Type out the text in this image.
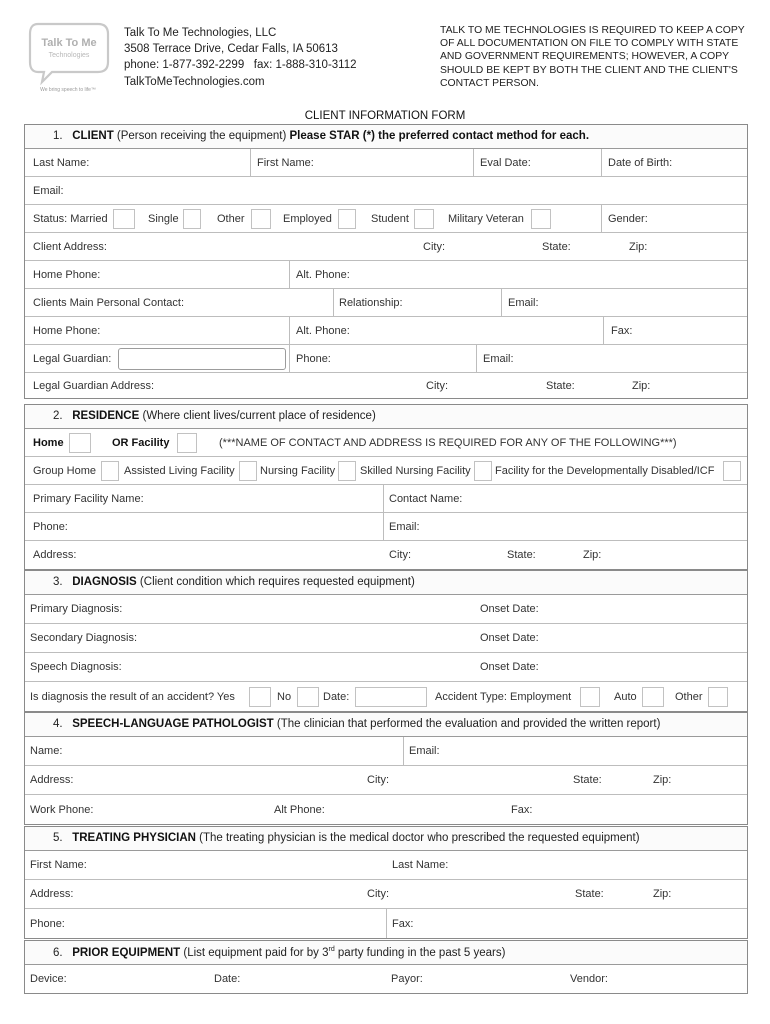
Talk To Me
Technologies
We bring speech to life™
Talk To Me Technologies, LLC
3508 Terrace Drive, Cedar Falls, IA 50613
phone: 1-877-392-2299   fax: 1-888-310-3112
TalkToMeTechnologies.com
TALK TO ME TECHNOLOGIES IS REQUIRED TO KEEP A COPY OF ALL DOCUMENTATION ON FILE TO COMPLY WITH STATE AND GOVERNMENT REQUIREMENTS; HOWEVER, A COPY SHOULD BE KEPT BY BOTH THE CLIENT AND THE CLIENT'S CONTACT PERSON.
CLIENT INFORMATION FORM
1. CLIENT (Person receiving the equipment) Please STAR (*) the preferred contact method for each.
Last Name:	First Name:	Eval Date:	Date of Birth:
Email:
Status: Married	Single	Other	Employed	Student	Military Veteran	Gender:
Client Address:	City:	State:	Zip:
Home Phone:	Alt. Phone:
Clients Main Personal Contact:	Relationship:	Email:
Home Phone:	Alt. Phone:	Fax:
Legal Guardian:	Phone:	Email:
Legal Guardian Address:	City:	State:	Zip:
2. RESIDENCE (Where client lives/current place of residence)
Home	OR Facility	(***NAME OF CONTACT AND ADDRESS IS REQUIRED FOR ANY OF THE FOLLOWING***)
Group Home	Assisted Living Facility Nursing Facility Skilled Nursing Facility Facility for the Developmentally Disabled/ICF
Primary Facility Name:	Contact Name:
Phone:	Email:
Address:	City:	State:	Zip:
3. DIAGNOSIS (Client condition which requires requested equipment)
Primary Diagnosis:	Onset Date:
Secondary Diagnosis:	Onset Date:
Speech Diagnosis:	Onset Date:
Is diagnosis the result of an accident? Yes	No	Date:	Accident Type: Employment	Auto	Other
4. SPEECH-LANGUAGE PATHOLOGIST (The clinician that performed the evaluation and provided the written report)
Name:	Email:
Address:	City:	State:	Zip:
Work Phone:	Alt Phone:	Fax:
5. TREATING PHYSICIAN (The treating physician is the medical doctor who prescribed the requested equipment)
First Name:	Last Name:
Address:	City:	State:	Zip:
Phone:	Fax:
6. PRIOR EQUIPMENT (List equipment paid for by 3rd party funding in the past 5 years)
Device:	Date:	Payor:	Vendor:
